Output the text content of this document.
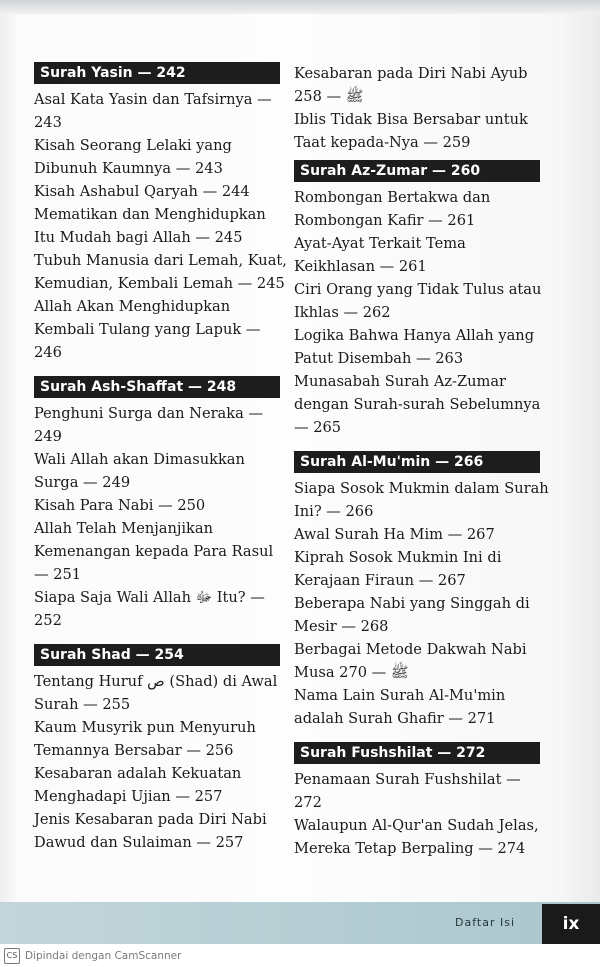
Surah Yasin — 242
Asal Kata Yasin dan Tafsirnya —
243
Kisah Seorang Lelaki yang
Dibunuh Kaumnya — 243
Kisah Ashabul Qaryah — 244
Mematikan dan Menghidupkan
Itu Mudah bagi Allah — 245
Tubuh Manusia dari Lemah, Kuat,
Kemudian, Kembali Lemah — 245
Allah Akan Menghidupkan
Kembali Tulang yang Lapuk —
246
Surah Ash-Shaffat — 248
Penghuni Surga dan Neraka —
249
Wali Allah akan Dimasukkan
Surga — 249
Kisah Para Nabi — 250
Allah Telah Menjanjikan
Kemenangan kepada Para Rasul
— 251
Siapa Saja Wali Allah ﷻ Itu? —
252
Surah Shad — 254
Tentang Huruf ص (Shad) di Awal
Surah — 255
Kaum Musyrik pun Menyuruh
Temannya Bersabar — 256
Kesabaran adalah Kekuatan
Menghadapi Ujian — 257
Jenis Kesabaran pada Diri Nabi
Dawud dan Sulaiman — 257
Kesabaran pada Diri Nabi Ayub
ﷺ — 258
Iblis Tidak Bisa Bersabar untuk
Taat kepada-Nya — 259
Surah Az-Zumar — 260
Rombongan Bertakwa dan
Rombongan Kafir — 261
Ayat-Ayat Terkait Tema
Keikhlasan — 261
Ciri Orang yang Tidak Tulus atau
Ikhlas — 262
Logika Bahwa Hanya Allah yang
Patut Disembah — 263
Munasabah Surah Az-Zumar
dengan Surah-surah Sebelumnya
— 265
Surah Al-Mu'min — 266
Siapa Sosok Mukmin dalam Surah
Ini? — 266
Awal Surah Ha Mim — 267
Kiprah Sosok Mukmin Ini di
Kerajaan Firaun — 267
Beberapa Nabi yang Singgah di
Mesir — 268
Berbagai Metode Dakwah Nabi
Musa ﷺ — 270
Nama Lain Surah Al-Mu'min
adalah Surah Ghafir — 271
Surah Fushshilat — 272
Penamaan Surah Fushshilat —
272
Walaupun Al-Qur'an Sudah Jelas,
Mereka Tetap Berpaling — 274
Daftar Isi	ix
CS Dipindai dengan CamScanner
